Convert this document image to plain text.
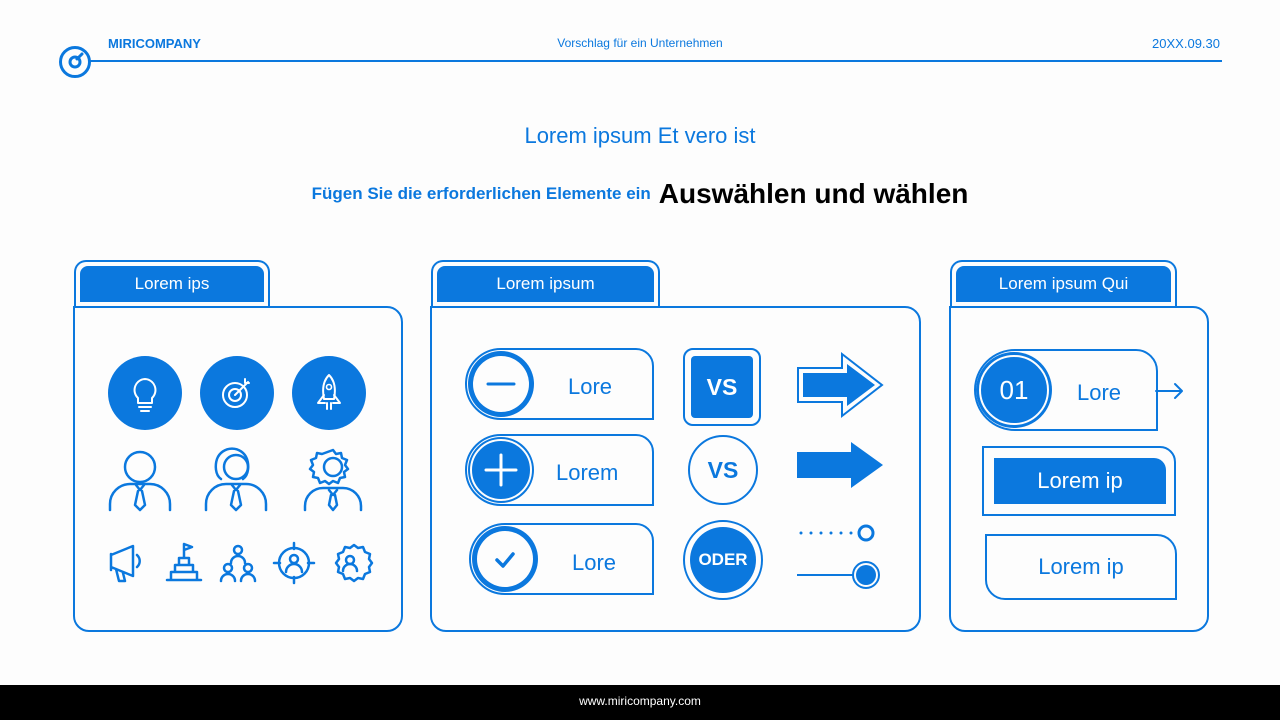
MIRICOMPANY	Vorschlag für ein Unternehmen	20XX.09.30
Lorem ipsum Et vero ist
Fügen Sie die erforderlichen Elemente ein Auswählen und wählen
Lorem ips	Lorem ipsum
Lore
Lorem
Lore
VS
VS
ODER
Lorem ipsum Qui
01	Lore
Lorem ip
Lorem ip
www.miricompany.com
